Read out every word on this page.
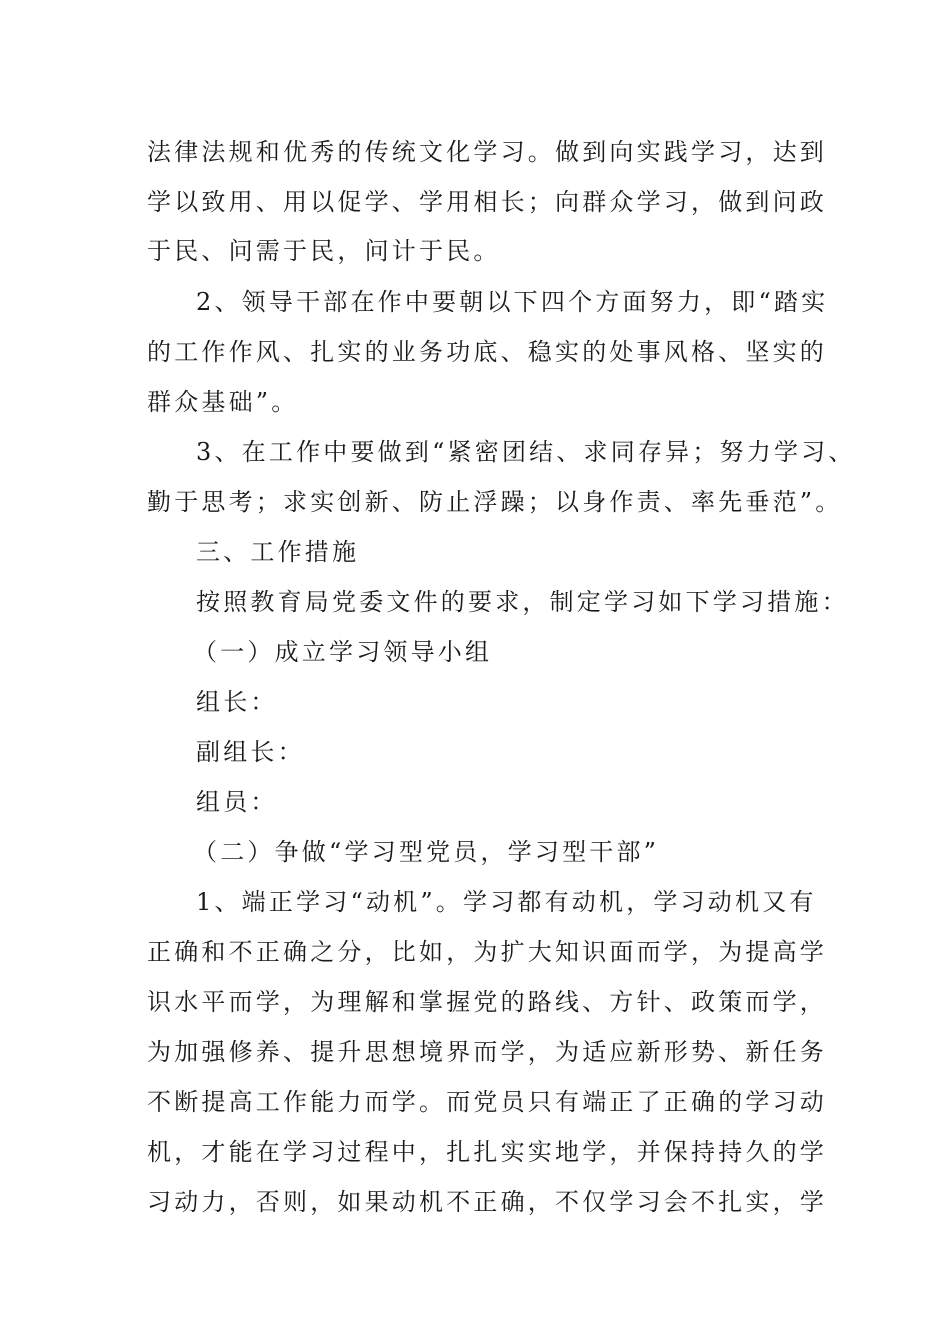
法律法规和优秀的传统文化学习。做到向实践学习，达到
学以致用、用以促学、学用相长；向群众学习，做到问政
于民、问需于民，问计于民。
2、领导干部在作中要朝以下四个方面努力，即“踏实
的工作作风、扎实的业务功底、稳实的处事风格、坚实的
群众基础”。
3、在工作中要做到“紧密团结、求同存异；努力学习、
勤于思考；求实创新、防止浮躁；以身作责、率先垂范”。
三、工作措施
按照教育局党委文件的要求，制定学习如下学习措施：
（一）成立学习领导小组
组长：
副组长：
组员：
（二）争做“学习型党员，学习型干部”
1、端正学习“动机”。学习都有动机，学习动机又有
正确和不正确之分，比如，为扩大知识面而学，为提高学
识水平而学，为理解和掌握党的路线、方针、政策而学，
为加强修养、提升思想境界而学，为适应新形势、新任务
不断提高工作能力而学。而党员只有端正了正确的学习动
机，才能在学习过程中，扎扎实实地学，并保持持久的学
习动力，否则，如果动机不正确，不仅学习会不扎实，学
